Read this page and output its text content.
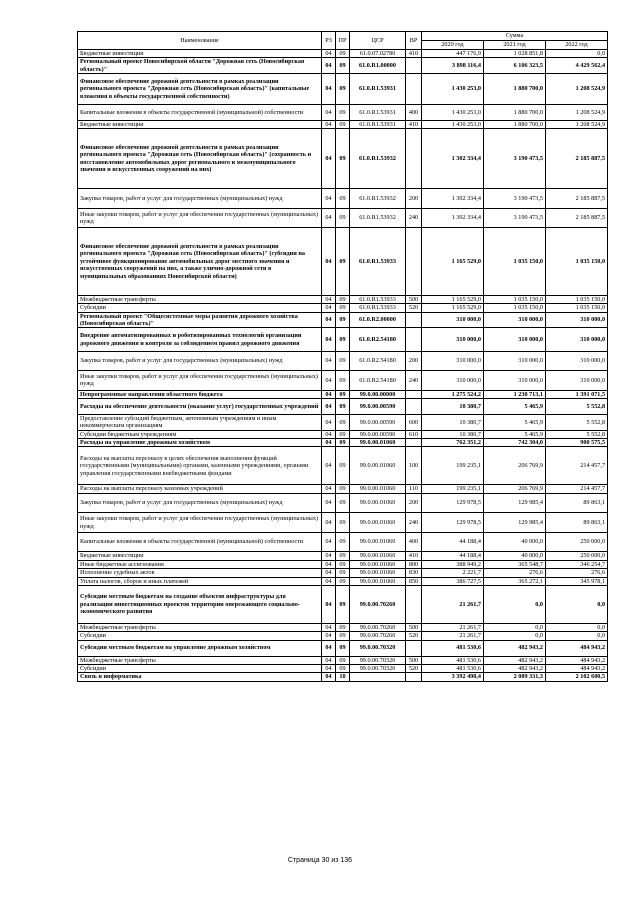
Наименование	РЗ	ПР	ЦСР	ВР	Сумма		
					2020 год	2021 год	2022 год
Бюджетные инвестиции	04	09	61.0.07.02780	410	447 176,9	1 028 851,8	0,0
Региональный проект Новосибирской области "Дорожная сеть (Новосибирская область)"	04	09	61.0.R1.00000		3 898 116,4	6 106 323,5	4 429 562,4
Финансовое обеспечение дорожной деятельности в рамках реализации регионального проекта "Дорожная сеть (Новосибирская область)" (капитальные вложения в объекты государственной собственности)	04	09	61.0.R1.53931		1 430 253,0	1 880 700,0	1 208 524,9
Капитальные вложения в объекты государственной (муниципальной) собственности	04	09	61.0.R1.53931	400	1 430 253,0	1 880 700,0	1 208 524,9
Бюджетные инвестиции	04	09	61.0.R1.53931	410	1 430 253,0	1 880 700,0	1 208 524,9
Финансовое обеспечение дорожной деятельности в рамках реализации регионального проекта "Дорожная сеть (Новосибирская область)" (сохранность и восстановление автомобильных дорог регионального и межмуниципального значения и искусственных сооружений на них)	04	09	61.0.R1.53932		1 302 334,4	3 190 473,5	2 185 887,5
Закупка товаров, работ и услуг для государственных (муниципальных) нужд	04	09	61.0.R1.53932	200	1 302 334,4	3 190 473,5	2 185 887,5
Иные закупки товаров, работ и услуг для обеспечения государственных (муниципальных) нужд	04	09	61.0.R1.53932	240	1 302 334,4	3 190 473,5	2 185 887,5
Финансовое обеспечение дорожной деятельности в рамках реализации регионального проекта "Дорожная сеть (Новосибирская область)" (субсидии на устойчивое функционирование автомобильных дорог местного значения и искусственных сооружений на них, а также улично-дорожной сети в муниципальных образованиях Новосибирской области)	04	09	61.0.R1.53933		1 165 529,0	1 035 150,0	1 035 150,0
Межбюджетные трансферты	04	09	61.0.R1.53933	500	1 165 529,0	1 035 150,0	1 035 150,0
Субсидии	04	09	61.0.R1.53933	520	1 165 529,0	1 035 150,0	1 035 150,0
Региональный проект "Общесистемные меры развития дорожного хозяйства (Новосибирская область)"	04	09	61.0.R2.00000		310 000,0	310 000,0	310 000,0
Внедрение автоматизированных и роботизированных технологий организации дорожного движения и контроля за соблюдением правил дорожного движения	04	09	61.0.R2.54180		310 000,0	310 000,0	310 000,0
Закупка товаров, работ и услуг для государственных (муниципальных) нужд	04	09	61.0.R2.54180	200	310 000,0	310 000,0	310 000,0
Иные закупки товаров, работ и услуг для обеспечения государственных (муниципальных) нужд	04	09	61.0.R2.54180	240	310 000,0	310 000,0	310 000,0
Непрограммные направления областного бюджета	04	09	99.0.00.00000		1 275 524,2	1 230 713,1	1 391 071,5
Расходы на обеспечение деятельности (оказание услуг) государственных учреждений	04	09	99.0.00.00590		10 380,7	5 465,9	5 552,8
Предоставление субсидий бюджетным, автономным учреждениям и иным некоммерческим организациям	04	09	99.0.00.00590	600	10 380,7	5 465,9	5 552,8
Субсидии бюджетным учреждениям	04	09	99.0.00.00590	610	10 380,7	5 465,9	5 552,8
Расходы на управление дорожным хозяйством	04	09	99.0.00.01060		762 351,2	742 304,0	900 575,5
Расходы на выплаты персоналу в целях обеспечения выполнения функций государственными (муниципальными) органами, казенными учреждениями, органами управления государственными внебюджетными фондами	04	09	99.0.00.01060	100	199 235,1	206 769,9	214 457,7
Расходы на выплаты персоналу казенных учреждений	04	09	99.0.00.01060	110	199 235,1	206 769,9	214 457,7
Закупка товаров, работ и услуг для государственных (муниципальных) нужд	04	09	99.0.00.01060	200	129 978,5	129 985,4	89 863,1
Иные закупки товаров, работ и услуг для обеспечения государственных (муниципальных) нужд	04	09	99.0.00.01060	240	129 978,5	129 985,4	89 863,1
Капитальные вложения в объекты государственной (муниципальной) собственности	04	09	99.0.00.01060	400	44 188,4	40 000,0	250 000,0
Бюджетные инвестиции	04	09	99.0.00.01060	410	44 188,4	40 000,0	250 000,0
Иные бюджетные ассигнования	04	09	99.0.00.01060	800	388 949,2	365 548,7	346 254,7
Исполнение судебных актов	04	09	99.0.00.01060	830	2 221,7	276,6	276,6
Уплата налогов, сборов и иных платежей	04	09	99.0.00.01060	850	386 727,5	365 272,1	345 978,1
Субсидии местным бюджетам на создание объектов инфраструктуры для реализации инвестиционных проектов территории опережающего социально-экономического развития	04	09	99.0.00.70260		21 261,7	0,0	0,0
Межбюджетные трансферты	04	09	99.0.00.70260	500	21 261,7	0,0	0,0
Субсидии	04	09	99.0.00.70260	520	21 261,7	0,0	0,0
Субсидии местным бюджетам на управление дорожным хозяйством	04	09	99.0.00.70320		481 530,6	482 943,2	484 943,2
Межбюджетные трансферты	04	09	99.0.00.70320	500	481 530,6	482 943,2	484 943,2
Субсидии	04	09	99.0.00.70320	520	481 530,6	482 943,2	484 943,2
Связь и информатика	04	10			3 392 498,4	2 089 331,3	2 102 600,5
Страница 30 из 136
